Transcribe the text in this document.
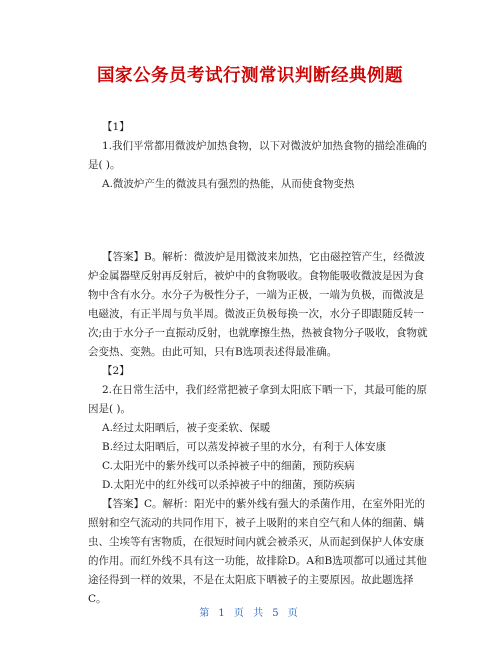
国家公务员考试行测常识判断经典例题

【1】

1.我们平常都用微波炉加热食物，以下对微波炉加热食物的描绘准确的是( )。

A.微波炉产生的微波具有强烈的热能，从而使食物变热

【答案】B。解析：微波炉是用微波来加热，它由磁控管产生，经微波炉金属器壁反射再反射后，被炉中的食物吸收。食物能吸收微波是因为食物中含有水分。水分子为极性分子，一端为正极，一端为负极，而微波是电磁波，有正半周与负半周。微波正负极每换一次，水分子即跟随反转一次;由于水分子一直振动反射，也就摩擦生热，热被食物分子吸收，食物就会变热、变熟。由此可知，只有B选项表述得最准确。

【2】

2.在日常生活中，我们经常把被子拿到太阳底下晒一下，其最可能的原因是( )。

A.经过太阳晒后，被子变柔软、保暖

B.经过太阳晒后，可以蒸发掉被子里的水分，有利于人体安康

C.太阳光中的紫外线可以杀掉被子中的细菌，预防疾病

D.太阳光中的红外线可以杀掉被子中的细菌，预防疾病

【答案】C。解析：阳光中的紫外线有强大的杀菌作用，在室外阳光的照射和空气流动的共同作用下，被子上吸附的来自空气和人体的细菌、螨虫、尘埃等有害物质，在很短时间内就会被杀灭，从而起到保护人体安康的作用。而红外线不具有这一功能，故排除D。A和B选项都可以通过其他途径得到一样的效果，不是在太阳底下晒被子的主要原因。故此题选择C。

第 1 页 共 5 页
